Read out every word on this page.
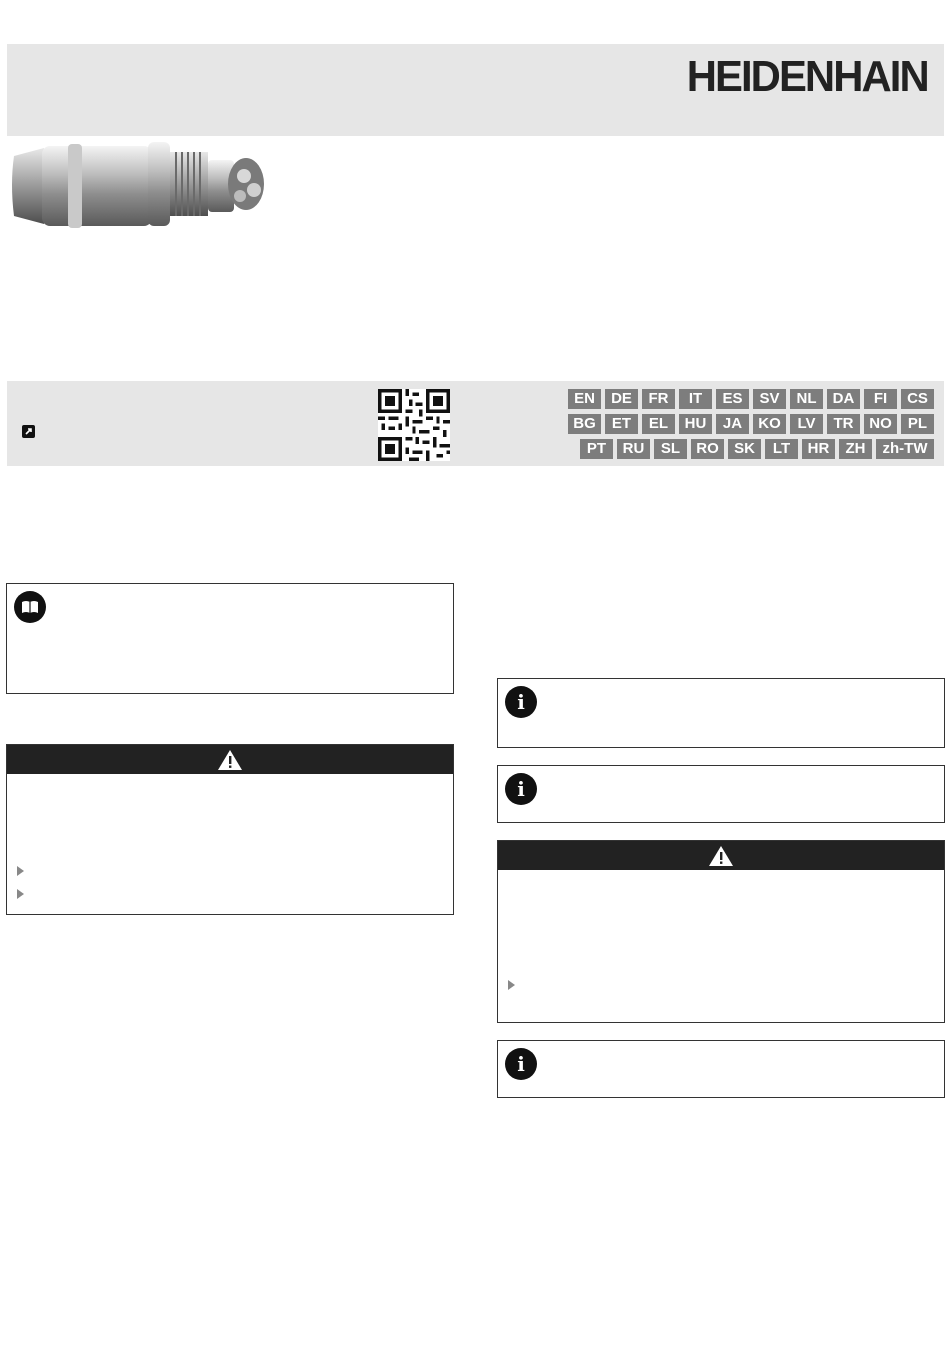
HEIDENHAIN
EN	DE	FR	IT	ES	SV	NL	DA	FI	CS
BG	ET	EL	HU	JA	KO	LV	TR	NO	PL
PT	RU	SL	RO	SK	LT	HR	ZH	zh-TW
i
i
i
